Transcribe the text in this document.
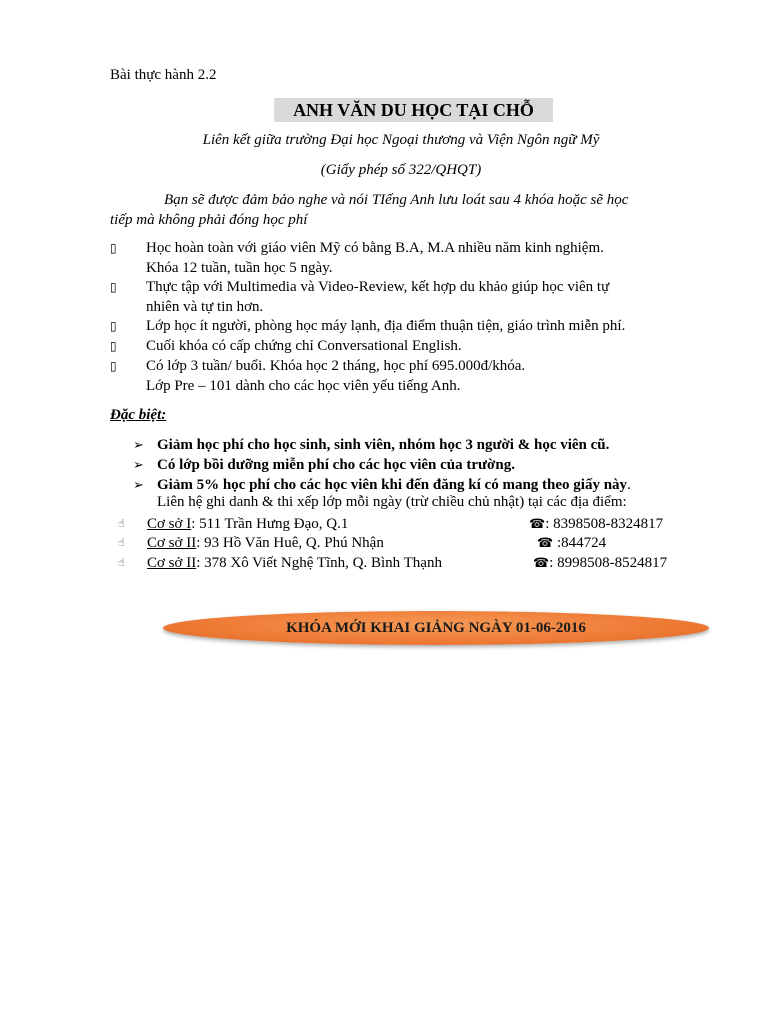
Bài thực hành 2.2
ANH VĂN DU HỌC TẠI CHỖ
Liên kết giữa trường Đại học Ngoại thương và Viện Ngôn ngữ Mỹ
(Giấy phép số 322/QHQT)
Bạn sẽ được đảm bảo nghe và nói TIếng Anh lưu loát sau 4 khóa hoặc sẽ học
tiếp mà không phải đóng học phí
▯ Học hoàn toàn với giáo viên Mỹ có bằng B.A, M.A nhiều năm kinh nghiệm.
Khóa 12 tuần, tuần học 5 ngày.
▯ Thực tập với Multimedia và Video-Review, kết hợp du khảo giúp học viên tự
nhiên và tự tin hơn.
▯ Lớp học ít người, phòng học máy lạnh, địa điểm thuận tiện, giáo trình miễn phí.
▯ Cuối khóa có cấp chứng chỉ Conversational English.
▯ Có lớp 3 tuần/ buổi. Khóa học 2 tháng, học phí 695.000đ/khóa.
Lớp Pre – 101 dành cho các học viên yếu tiếng Anh.
Đặc biệt:
➢ Giảm học phí cho học sinh, sinh viên, nhóm học 3 người & học viên cũ.
➢ Có lớp bồi dưỡng miễn phí cho các học viên của trường.
➢ Giảm 5% học phí cho các học viên khi đến đăng kí có mang theo giấy này.
Liên hệ ghi danh & thi xếp lớp mỗi ngày (trừ chiều chủ nhật) tại các địa điểm:
☝ Cơ sở I: 511 Trần Hưng Đạo, Q.1	☎: 8398508-8324817
☝ Cơ sở II: 93 Hồ Văn Huê, Q. Phú Nhận	☎ :844724
☝ Cơ sở II: 378 Xô Viết Nghệ Tĩnh, Q. Bình Thạnh	☎: 8998508-8524817
KHÓA MỚI KHAI GIẢNG NGÀY 01-06-2016
